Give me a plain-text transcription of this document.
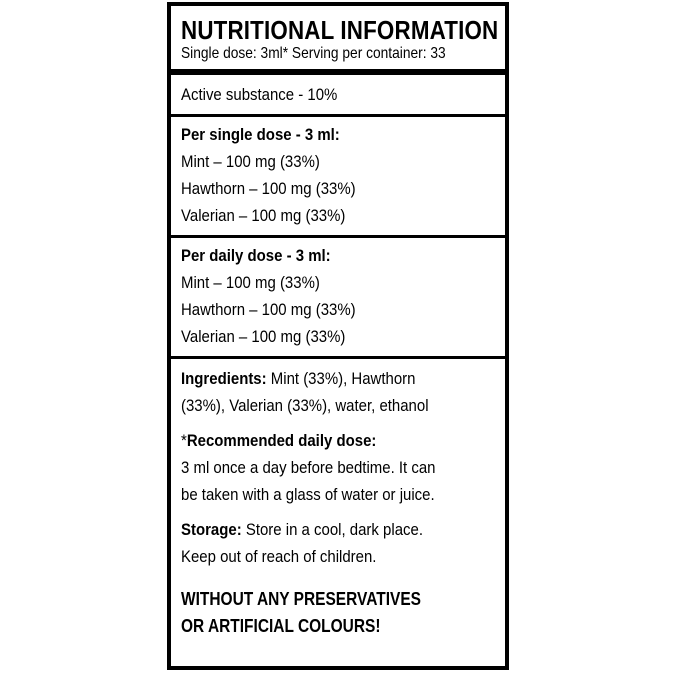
NUTRITIONAL INFORMATION
Single dose: 3ml* Serving per container: 33
Active substance - 10%
Per single dose - 3 ml:
Mint – 100 mg (33%)
Hawthorn – 100 mg (33%)
Valerian – 100 mg (33%)
Per daily dose - 3 ml:
Mint – 100 mg (33%)
Hawthorn – 100 mg (33%)
Valerian – 100 mg (33%)
Ingredients: Mint (33%), Hawthorn
(33%), Valerian (33%), water, ethanol
*Recommended daily dose:
3 ml once a day before bedtime. It can
be taken with a glass of water or juice.
Storage: Store in a cool, dark place.
Keep out of reach of children.
WITHOUT ANY PRESERVATIVES
OR ARTIFICIAL COLOURS!
